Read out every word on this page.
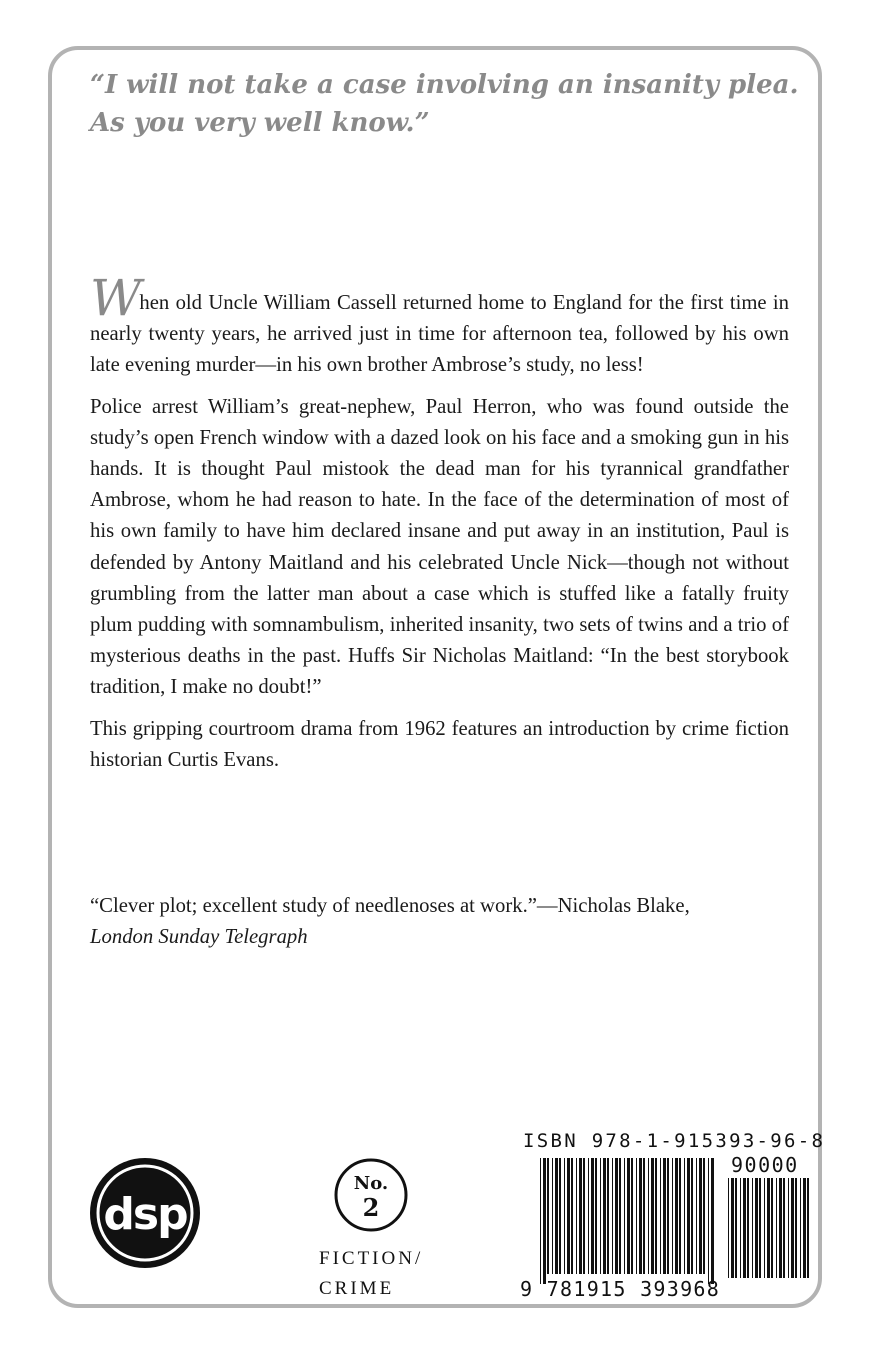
“I will not take a case involving an insanity plea.
As you very well know.”

When old Uncle William Cassell returned home to England for the first time in nearly twenty years, he arrived just in time for afternoon tea, followed by his own late evening murder—in his own brother Ambrose’s study, no less!

Police arrest William’s great-nephew, Paul Herron, who was found outside the study’s open French window with a dazed look on his face and a smoking gun in his hands. It is thought Paul mistook the dead man for his tyrannical grandfather Ambrose, whom he had reason to hate. In the face of the determination of most of his own family to have him declared insane and put away in an institution, Paul is defended by Antony Maitland and his celebrated Uncle Nick—though not without grumbling from the latter man about a case which is stuffed like a fatally fruity plum pudding with somnambulism, inherited insanity, two sets of twins and a trio of mysterious deaths in the past. Huffs Sir Nicholas Maitland: “In the best storybook tradition, I make no doubt!”

This gripping courtroom drama from 1962 features an introduction by crime fiction historian Curtis Evans.

“Clever plot; excellent study of needlenoses at work.”—Nicholas Blake,
London Sunday Telegraph

dsp
No.
2
FICTION/
CRIME
ISBN 978-1-915393-96-8
9 781915 393968
90000
